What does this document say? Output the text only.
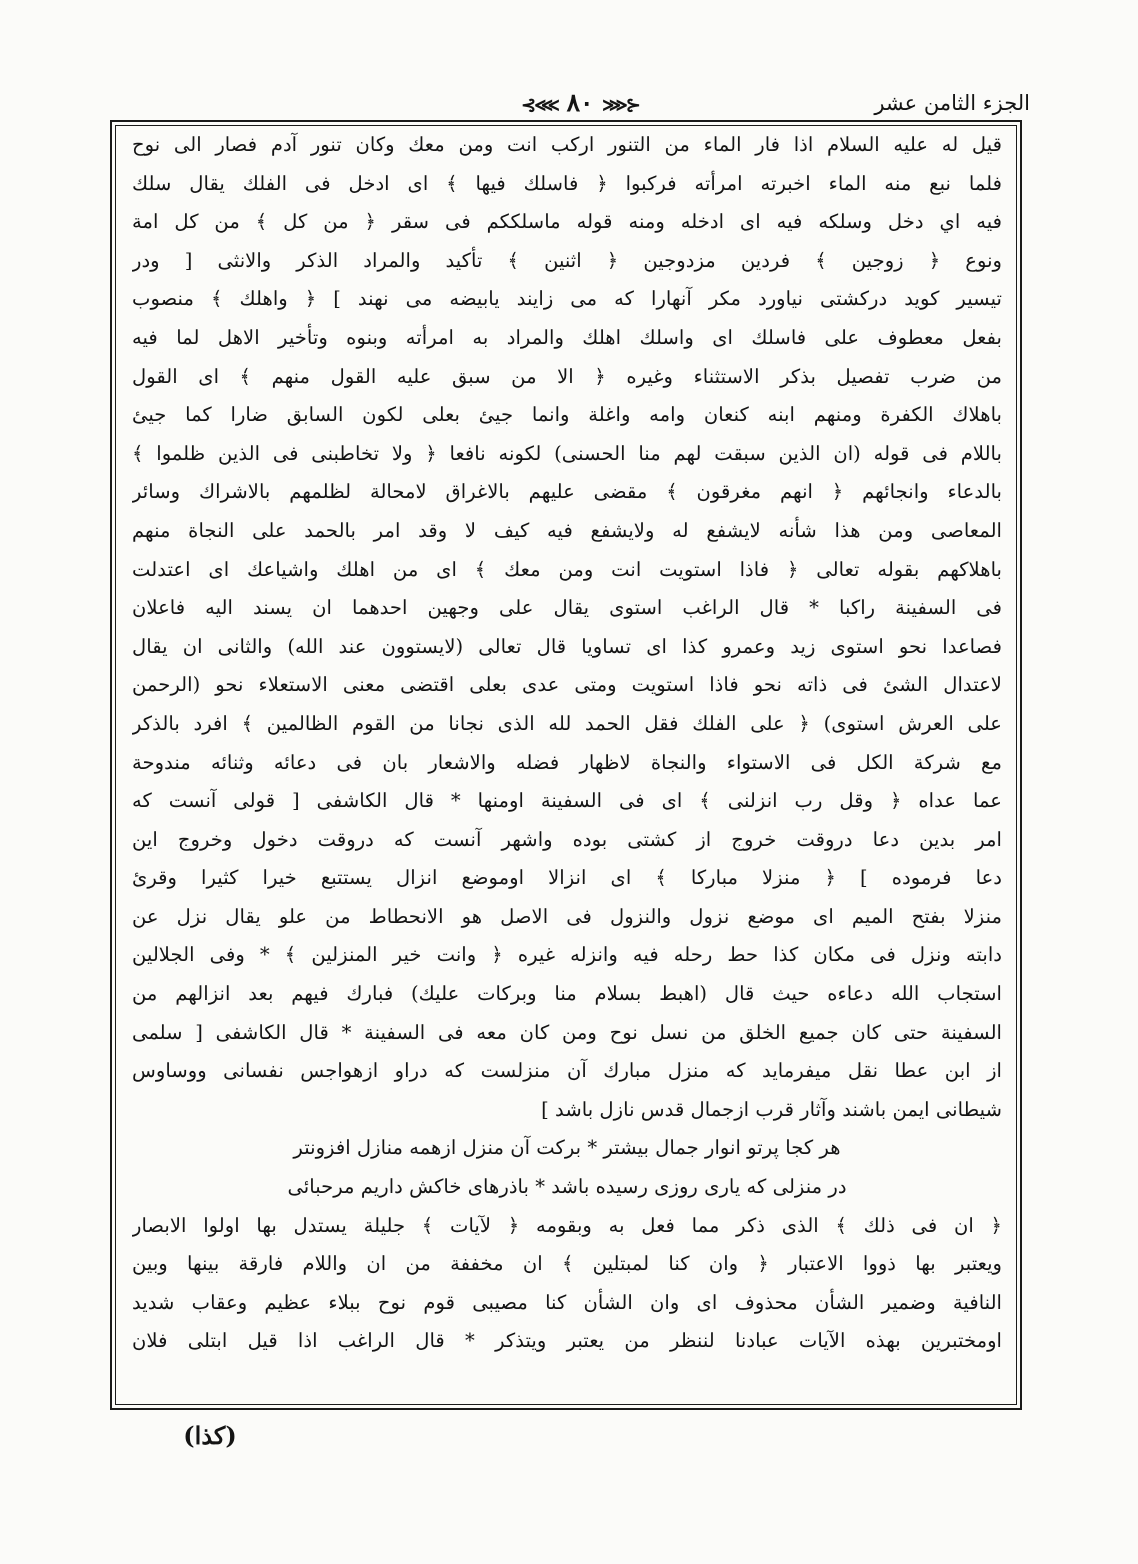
⊰⋘ ٨٠ ⋙⊱	الجزء الثامن عشر
قيل له عليه السلام اذا فار الماء من التنور اركب انت ومن معك وكان تنور آدم فصار الى نوح
فلما نبع منه الماء اخبرته امرأته فركبوا ﴿ فاسلك فيها ﴾ اى ادخل فى الفلك يقال سلك
فيه اي دخل وسلكه فيه اى ادخله ومنه قوله ماسلككم فى سقر ﴿ من كل ﴾ من كل امة
ونوع ﴿ زوجين ﴾ فردين مزدوجين ﴿ اثنين ﴾ تأكيد والمراد الذكر والانثى [ ودر
تيسير كويد دركشتى نياورد مكر آنهارا كه مى زايند يابيضه مى نهند ] ﴿ واهلك ﴾ منصوب
بفعل معطوف على فاسلك اى واسلك اهلك والمراد به امرأته وبنوه وتأخير الاهل لما فيه
من ضرب تفصيل بذكر الاستثناء وغيره ﴿ الا من سبق عليه القول منهم ﴾ اى القول
باهلاك الكفرة ومنهم ابنه كنعان وامه واغلة وانما جيئ بعلى لكون السابق ضارا كما جيئ
باللام فى قوله (ان الذين سبقت لهم منا الحسنى) لكونه نافعا ﴿ ولا تخاطبنى فى الذين ظلموا ﴾
بالدعاء وانجائهم ﴿ انهم مغرقون ﴾ مقضى عليهم بالاغراق لامحالة لظلمهم بالاشراك وسائر
المعاصى ومن هذا شأنه لايشفع له ولايشفع فيه كيف لا وقد امر بالحمد على النجاة منهم
باهلاكهم بقوله تعالى ﴿ فاذا استويت انت ومن معك ﴾ اى من اهلك واشياعك اى اعتدلت
فى السفينة راكبا * قال الراغب استوى يقال على وجهين احدهما ان يسند اليه فاعلان
فصاعدا نحو استوى زيد وعمرو كذا اى تساويا قال تعالى (لايستوون عند الله) والثانى ان يقال
لاعتدال الشئ فى ذاته نحو فاذا استويت ومتى عدى بعلى اقتضى معنى الاستعلاء نحو (الرحمن
على العرش استوى) ﴿ على الفلك فقل الحمد لله الذى نجانا من القوم الظالمين ﴾ افرد بالذكر
مع شركة الكل فى الاستواء والنجاة لاظهار فضله والاشعار بان فى دعائه وثنائه مندوحة
عما عداه ﴿ وقل رب انزلنى ﴾ اى فى السفينة اومنها * قال الكاشفى [ قولى آنست كه
امر بدين دعا دروقت خروج از كشتى بوده واشهر آنست كه دروقت دخول وخروج اين
دعا فرموده ] ﴿ منزلا مباركا ﴾ اى انزالا اوموضع انزال يستتبع خيرا كثيرا وقرئ
منزلا بفتح الميم اى موضع نزول والنزول فى الاصل هو الانحطاط من علو يقال نزل عن
دابته ونزل فى مكان كذا حط رحله فيه وانزله غيره ﴿ وانت خير المنزلين ﴾ * وفى الجلالين
استجاب الله دعاءه حيث قال (اهبط بسلام منا وبركات عليك) فبارك فيهم بعد انزالهم من
السفينة حتى كان جميع الخلق من نسل نوح ومن كان معه فى السفينة * قال الكاشفى [ سلمى
از ابن عطا نقل ميفرمايد كه منزل مبارك آن منزلست كه دراو ازهواجس نفسانى ووساوس
شيطانى ايمن باشند وآثار قرب ازجمال قدس نازل باشد ]
هر كجا پرتو انوار جمال بيشتر * بركت آن منزل ازهمه منازل افزونتر
در منزلى كه يارى روزى رسيده باشد * باذرهاى خاكش داريم مرحبائى
﴿ ان فى ذلك ﴾ الذى ذكر مما فعل به وبقومه ﴿ لآيات ﴾ جليلة يستدل بها اولوا الابصار
ويعتبر بها ذووا الاعتبار ﴿ وان كنا لمبتلين ﴾ ان مخففة من ان واللام فارقة بينها وبين
النافية وضمير الشأن محذوف اى وان الشأن كنا مصيبى قوم نوح ببلاء عظيم وعقاب شديد
اومختبرين بهذه الآيات عبادنا لننظر من يعتبر ويتذكر * قال الراغب اذا قيل ابتلى فلان
(كذا)
